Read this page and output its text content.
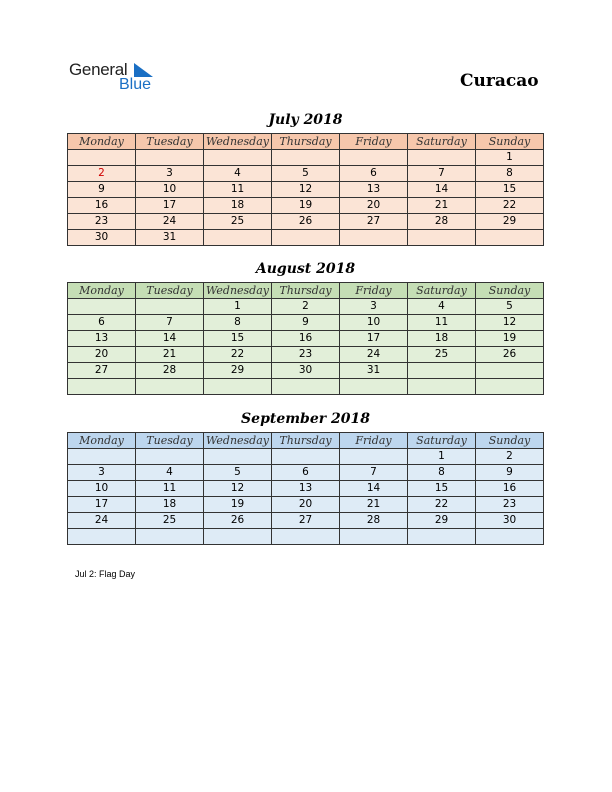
General
Blue	Curacao
July 2018
Monday	Tuesday	Wednesday	Thursday	Friday	Saturday	Sunday
						1
2	3	4	5	6	7	8
9	10	11	12	13	14	15
16	17	18	19	20	21	22
23	24	25	26	27	28	29
30	31					
August 2018
Monday	Tuesday	Wednesday	Thursday	Friday	Saturday	Sunday
		1	2	3	4	5
6	7	8	9	10	11	12
13	14	15	16	17	18	19
20	21	22	23	24	25	26
27	28	29	30	31		

September 2018
Monday	Tuesday	Wednesday	Thursday	Friday	Saturday	Sunday
					1	2
3	4	5	6	7	8	9
10	11	12	13	14	15	16
17	18	19	20	21	22	23
24	25	26	27	28	29	30

Jul 2: Flag Day
